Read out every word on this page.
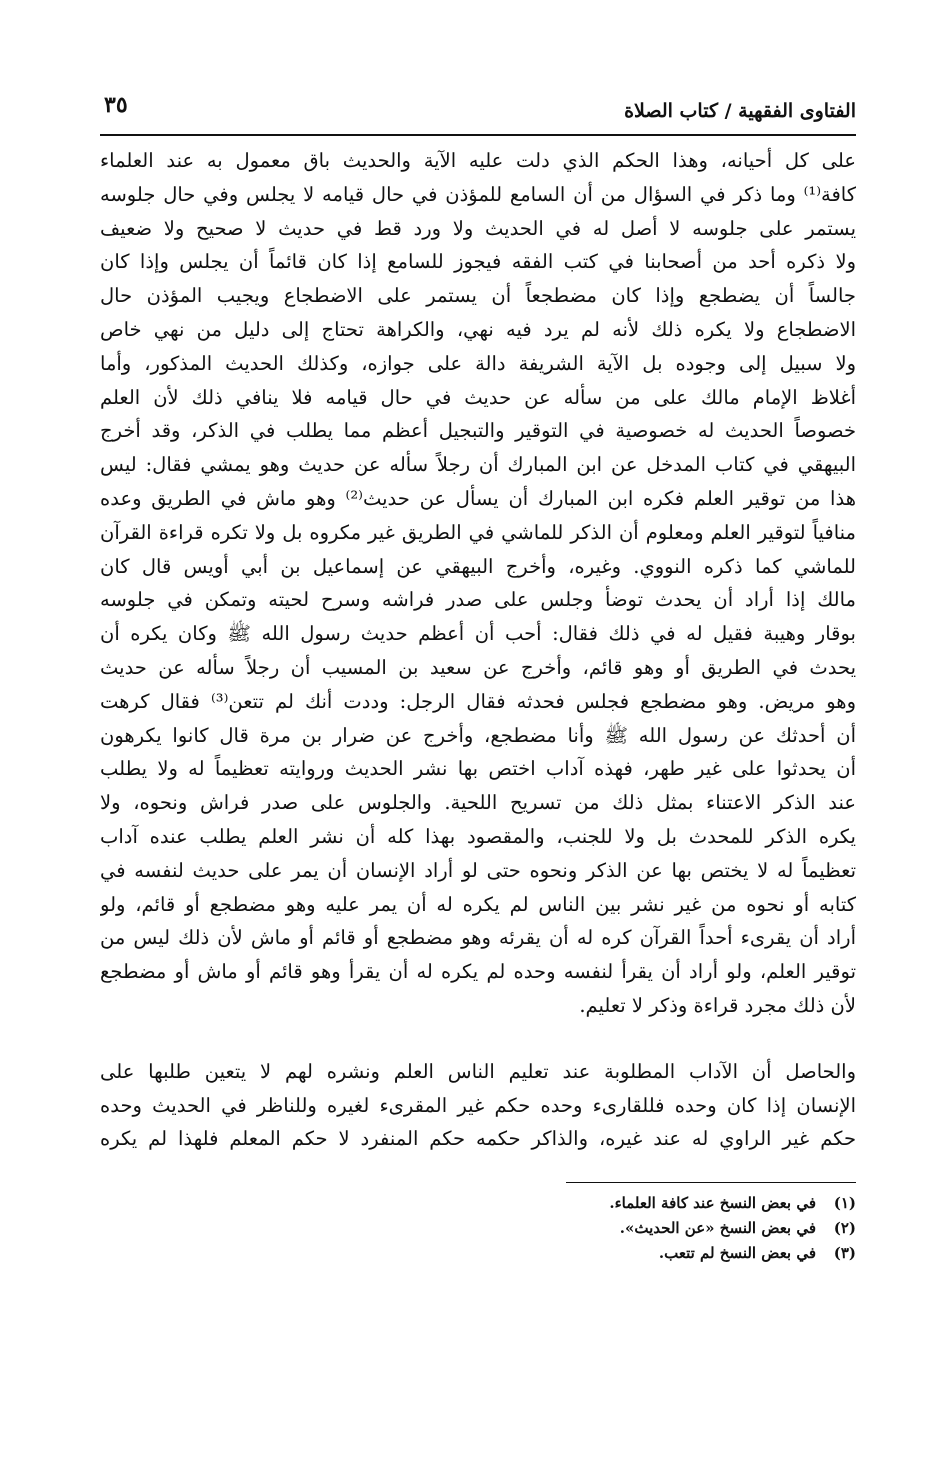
الفتاوى الفقهية / كتاب الصلاة
٣٥
على كل أحيانه، وهذا الحكم الذي دلت عليه الآية والحديث باق معمول به عند العلماء
كافة⁽¹⁾ وما ذكر في السؤال من أن السامع للمؤذن في حال قيامه لا يجلس وفي حال جلوسه
يستمر على جلوسه لا أصل له في الحديث ولا ورد قط في حديث لا صحيح ولا ضعيف
ولا ذكره أحد من أصحابنا في كتب الفقه فيجوز للسامع إذا كان قائماً أن يجلس وإذا كان
جالساً أن يضطجع وإذا كان مضطجعاً أن يستمر على الاضطجاع ويجيب المؤذن حال
الاضطجاع ولا يكره ذلك لأنه لم يرد فيه نهي، والكراهة تحتاج إلى دليل من نهي خاص
ولا سبيل إلى وجوده بل الآية الشريفة دالة على جوازه، وكذلك الحديث المذكور، وأما
أغلاظ الإمام مالك على من سأله عن حديث في حال قيامه فلا ينافي ذلك لأن العلم
خصوصاً الحديث له خصوصية في التوقير والتبجيل أعظم مما يطلب في الذكر، وقد أخرج
البيهقي في كتاب المدخل عن ابن المبارك أن رجلاً سأله عن حديث وهو يمشي فقال: ليس
هذا من توقير العلم فكره ابن المبارك أن يسأل عن حديث⁽²⁾ وهو ماش في الطريق وعده
منافياً لتوقير العلم ومعلوم أن الذكر للماشي في الطريق غير مكروه بل ولا تكره قراءة القرآن
للماشي كما ذكره النووي. وغيره، وأخرج البيهقي عن إسماعيل بن أبي أويس قال كان
مالك إذا أراد أن يحدث توضأ وجلس على صدر فراشه وسرح لحيته وتمكن في جلوسه
بوقار وهيبة فقيل له في ذلك فقال: أحب أن أعظم حديث رسول الله ﷺ وكان يكره أن
يحدث في الطريق أو وهو قائم، وأخرج عن سعيد بن المسيب أن رجلاً سأله عن حديث
وهو مريض. وهو مضطجع فجلس فحدثه فقال الرجل: وددت أنك لم تتعن⁽³⁾ فقال كرهت
أن أحدثك عن رسول الله ﷺ وأنا مضطجع، وأخرج عن ضرار بن مرة قال كانوا يكرهون
أن يحدثوا على غير طهر، فهذه آداب اختص بها نشر الحديث وروايته تعظيماً له ولا يطلب
عند الذكر الاعتناء بمثل ذلك من تسريح اللحية. والجلوس على صدر فراش ونحوه، ولا
يكره الذكر للمحدث بل ولا للجنب، والمقصود بهذا كله أن نشر العلم يطلب عنده آداب
تعظيماً له لا يختص بها عن الذكر ونحوه حتى لو أراد الإنسان أن يمر على حديث لنفسه في
كتابه أو نحوه من غير نشر بين الناس لم يكره له أن يمر عليه وهو مضطجع أو قائم، ولو
أراد أن يقرىء أحداً القرآن كره له أن يقرئه وهو مضطجع أو قائم أو ماش لأن ذلك ليس من
توقير العلم، ولو أراد أن يقرأ لنفسه وحده لم يكره له أن يقرأ وهو قائم أو ماش أو مضطجع
لأن ذلك مجرد قراءة وذكر لا تعليم.
والحاصل أن الآداب المطلوبة عند تعليم الناس العلم ونشره لهم لا يتعين طلبها على
الإنسان إذا كان وحده فللقارىء وحده حكم غير المقرىء لغيره وللناظر في الحديث وحده
حكم غير الراوي له عند غيره، والذاكر حكمه حكم المنفرد لا حكم المعلم فلهذا لم يكره
(١)في بعض النسخ عند كافة العلماء.
(٢)في بعض النسخ «عن الحديث».
(٣)في بعض النسخ لم تتعب.
